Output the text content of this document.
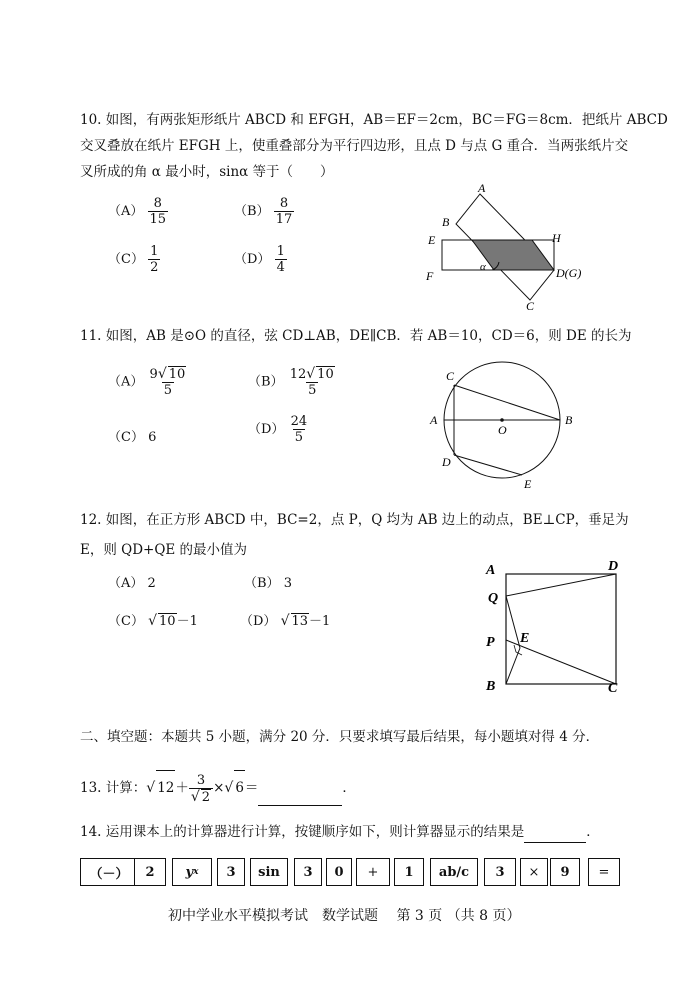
10. 如图，有两张矩形纸片 ABCD 和 EFGH，AB＝EF＝2cm，BC＝FG＝8cm．把纸片 ABCD
交叉叠放在纸片 EFGH 上，使重叠部分为平行四边形，且点 D 与点 G 重合．当两张纸片交
叉所成的角 α 最小时，sinα 等于（　　）
$(A) \frac{8}{15}$	$(B) \frac{8}{17}$
$(C) \frac{1}{2}$	$(D) \frac{1}{4}$
A
B
C
D(G)
E
F
H
α
11. 如图，AB 是⊙O 的直径，弦 CD⊥AB，DE∥CB．若 AB＝10，CD＝6，则 DE 的长为
$(A) \frac{9√ 10}{5}$	$(B) \frac{12√ 10}{5}$
（C） 6
$(D) \frac{24}{5}$
C
A	B
O
D
E
12. 如图，在正方形 ABCD 中，BC=2，点 P，Q 均为 AB 边上的动点，BE⊥CP，垂足为
E，则 QD+QE 的最小值为
（A） 2	（B） 3
（C） √ 10－1	（D） √ 13－1
A	D
Q
P E
B	C
二、填空题：本题共 5 小题，满分 20 分．只要求填写最后结果，每小题填对得 4 分．
13. 计算：√ $12+ \frac{3}{√ 2}$ ×√ 6＝	．
14. 运用课本上的计算器进行计算，按键顺序如下，则计算器显示的结果是	．
（－）	2	y x	3	sin	3	0	+	1	ab/c	3	×	9	=
初中学业水平模拟考试　数学试题　 第 3 页 （共 8 页）
